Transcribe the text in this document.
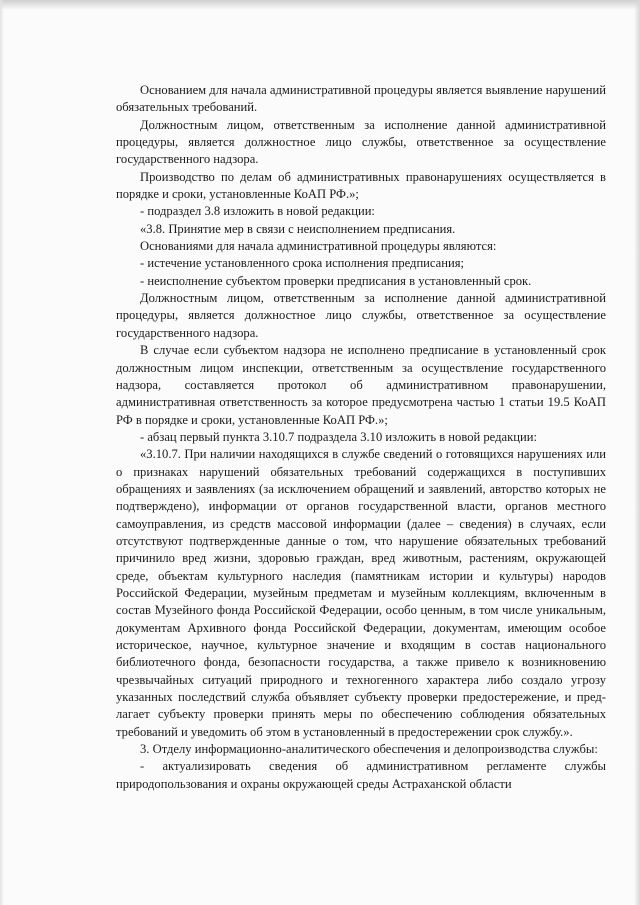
Основанием для начала административной процедуры является выявление нарушений обязательных требований.

Должностным лицом, ответственным за исполнение данной административной процедуры, является должностное лицо службы, ответственное за осуществление государственного надзора.

Производство по делам об административных правонарушениях осуществляется в порядке и сроки, установленные КоАП РФ.»;

- подраздел 3.8 изложить в новой редакции:

«3.8. Принятие мер в связи с неисполнением предписания.

Основаниями для начала административной процедуры являются:

- истечение установленного срока исполнения предписания;

- неисполнение субъектом проверки предписания в установленный срок.

Должностным лицом, ответственным за исполнение данной административной процедуры, является должностное лицо службы, ответственное за осуществление государственного надзора.

В случае если субъектом надзора не исполнено предписание в установленный срок должностным лицом инспекции, ответственным за осуществление государственного надзора, составляется протокол об административном правонарушении, административная ответственность за которое предусмотрена частью 1 статьи 19.5 КоАП РФ в порядке и сроки, установленные КоАП РФ.»;

- абзац первый пункта 3.10.7 подраздела 3.10 изложить в новой редакции:

«3.10.7. При наличии находящихся в службе сведений о готовящихся нарушениях или о признаках нарушений обязательных требований содержащихся в поступивших обращениях и заявлениях (за исключением обращений и заявлений, авторство которых не подтверждено), информации от органов государственной власти, органов местного самоуправления, из средств массовой информации (далее – сведения) в случаях, если отсутствуют подтвержденные данные о том, что нарушение обязательных требований причинило вред жизни, здоровью граждан, вред животным, растениям, окружающей среде, объектам культурного наследия (памятникам истории и культуры) народов Российской Федерации, музейным предметам и музейным коллекциям, включенным в состав Музейного фонда Российской Федерации, особо ценным, в том числе уникальным, документам Архивного фонда Российской Федерации, документам, имеющим особое историческое, научное, культурное значение и входящим в состав национального библиотечного фонда, безопасности государства, а также привело к возникновению чрезвычайных ситуаций природного и техногенного характера либо создало угрозу указанных последствий служба объявляет субъекту проверки предостережение, и предлагает субъекту проверки принять меры по обеспечению соблюдения обязательных требований и уведомить об этом в установленный в предостережении срок службу.».

3. Отделу информационно-аналитического обеспечения и делопроизводства службы:

- актуализировать сведения об административном регламенте службы природопользования и охраны окружающей среды Астраханской области
